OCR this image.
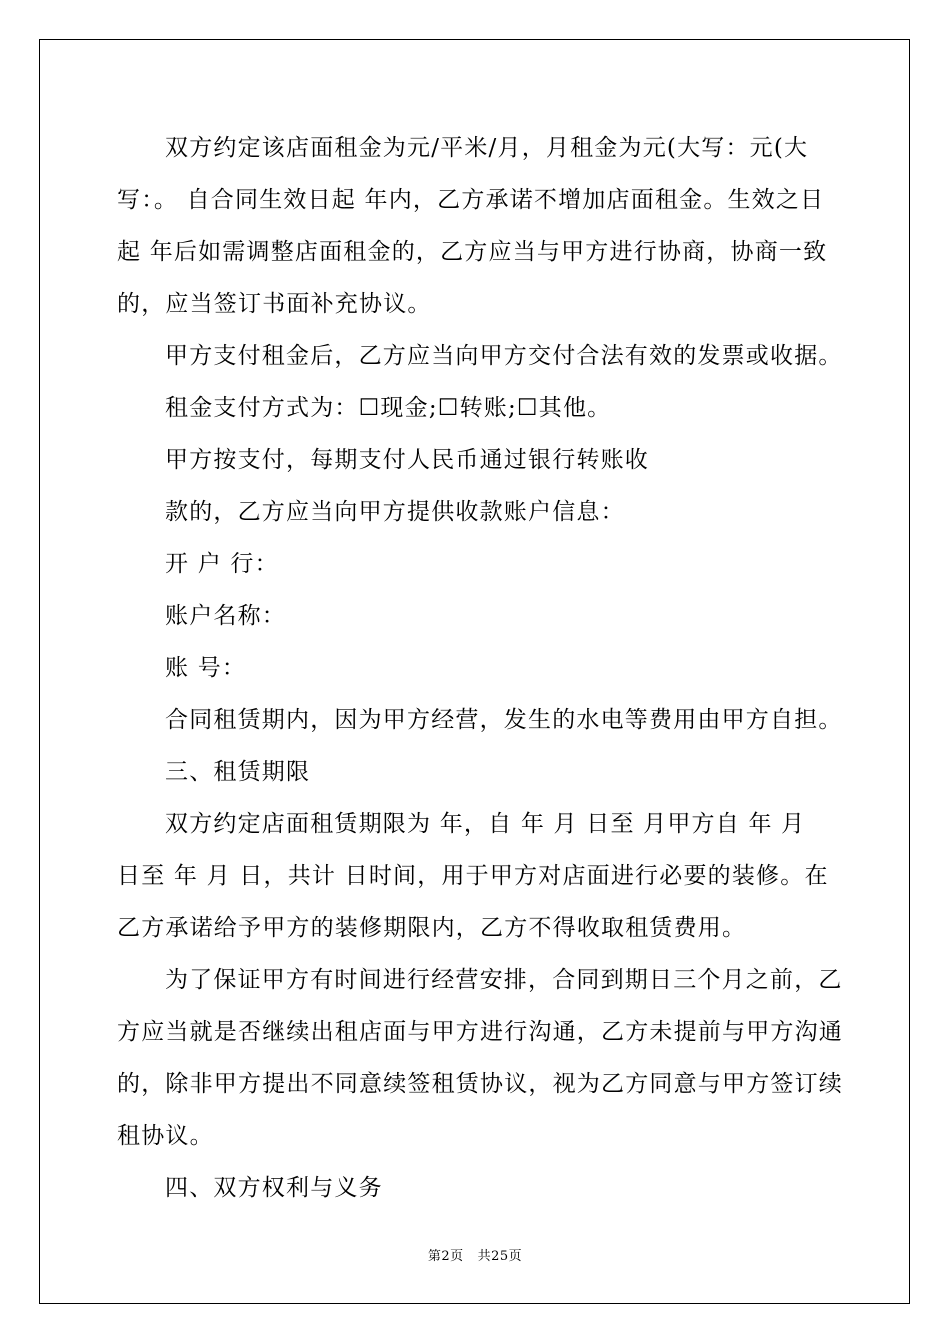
双方约定该店面租金为元/平米/月，月租金为元(大写：元(大

写：。 自合同生效日起 年内，乙方承诺不增加店面租金。生效之日

起 年后如需调整店面租金的，乙方应当与甲方进行协商，协商一致

的，应当签订书面补充协议。

甲方支付租金后，乙方应当向甲方交付合法有效的发票或收据。

租金支付方式为：☐现金;☐转账;☐其他。

甲方按支付，每期支付人民币通过银行转账收

款的，乙方应当向甲方提供收款账户信息：

开 户 行：

账户名称：

账 号：

合同租赁期内，因为甲方经营，发生的水电等费用由甲方自担。

三、租赁期限

双方约定店面租赁期限为 年，自 年 月 日至 月甲方自 年 月

日至 年 月 日，共计 日时间，用于甲方对店面进行必要的装修。在

乙方承诺给予甲方的装修期限内，乙方不得收取租赁费用。

为了保证甲方有时间进行经营安排，合同到期日三个月之前，乙

方应当就是否继续出租店面与甲方进行沟通，乙方未提前与甲方沟通

的，除非甲方提出不同意续签租赁协议，视为乙方同意与甲方签订续

租协议。

四、双方权利与义务

第2页 共25页
